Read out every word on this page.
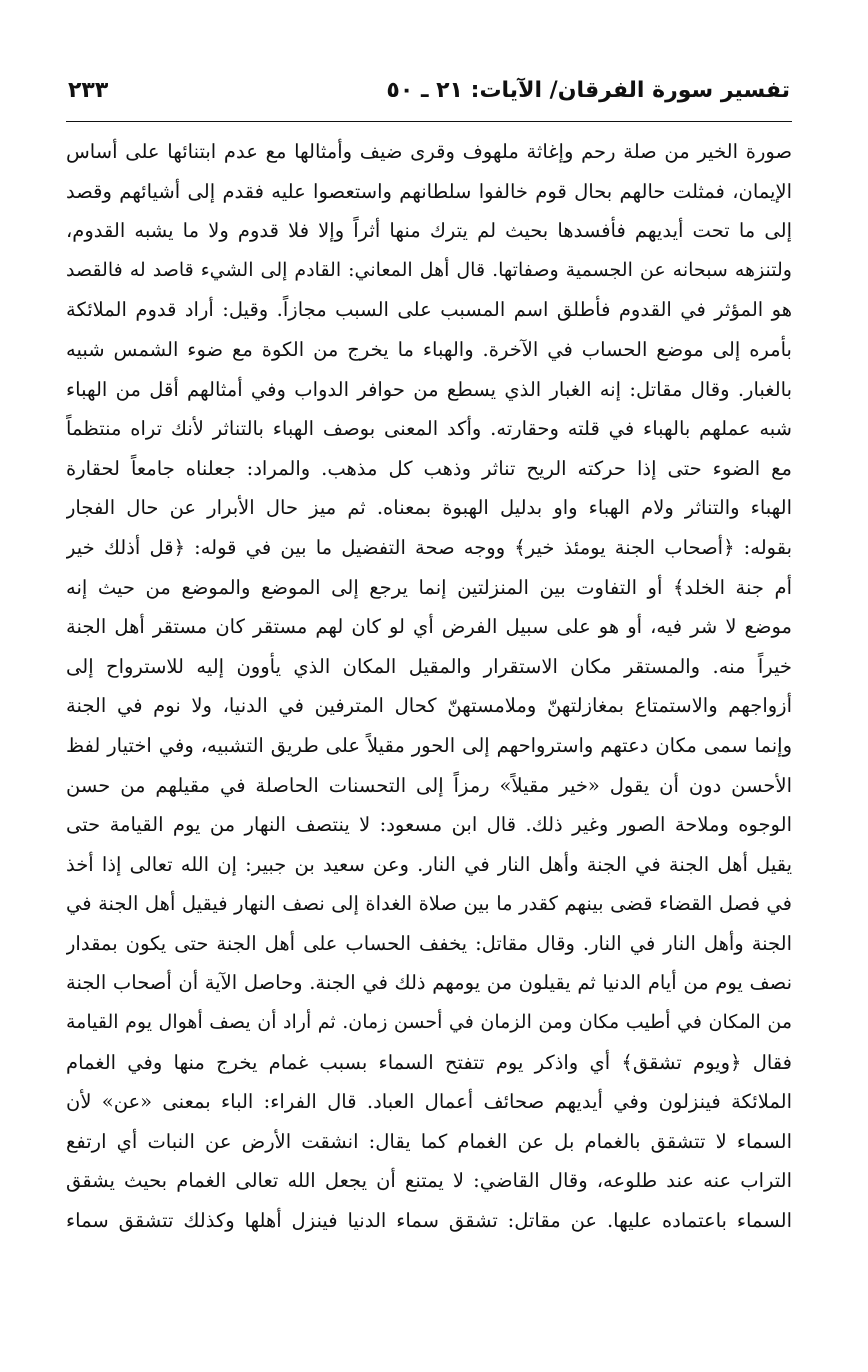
تفسير سورة الفرقان/ الآيات: ٢١ ـ ٥٠
٢٣٣
صورة الخير من صلة رحم وإغاثة ملهوف وقرى ضيف وأمثالها مع عدم ابتنائها على أساس
الإيمان، فمثلت حالهم بحال قوم خالفوا سلطانهم واستعصوا عليه فقدم إلى أشيائهم وقصد
إلى ما تحت أيديهم فأفسدها بحيث لم يترك منها أثراً وإلا فلا قدوم ولا ما يشبه القدوم،
ولتنزهه سبحانه عن الجسمية وصفاتها. قال أهل المعاني: القادم إلى الشيء قاصد له فالقصد
هو المؤثر في القدوم فأطلق اسم المسبب على السبب مجازاً. وقيل: أراد قدوم الملائكة
بأمره إلى موضع الحساب في الآخرة. والهباء ما يخرج من الكوة مع ضوء الشمس شبيه
بالغبار. وقال مقاتل: إنه الغبار الذي يسطع من حوافر الدواب وفي أمثالهم أقل من الهباء
شبه عملهم بالهباء في قلته وحقارته. وأكد المعنى بوصف الهباء بالتناثر لأنك تراه منتظماً
مع الضوء حتى إذا حركته الريح تناثر وذهب كل مذهب. والمراد: جعلناه جامعاً لحقارة
الهباء والتناثر ولام الهباء واو بدليل الهبوة بمعناه. ثم ميز حال الأبرار عن حال الفجار
بقوله: ﴿أصحاب الجنة يومئذ خير﴾ ووجه صحة التفضيل ما بين في قوله: ﴿قل أذلك خير
أم جنة الخلد﴾ أو التفاوت بين المنزلتين إنما يرجع إلى الموضع والموضع من حيث إنه
موضع لا شر فيه، أو هو على سبيل الفرض أي لو كان لهم مستقر كان مستقر أهل الجنة
خيراً منه. والمستقر مكان الاستقرار والمقيل المكان الذي يأوون إليه للاسترواح إلى
أزواجهم والاستمتاع بمغازلتهنّ وملامستهنّ كحال المترفين في الدنيا، ولا نوم في الجنة
وإنما سمى مكان دعتهم واسترواحهم إلى الحور مقيلاً على طريق التشبيه، وفي اختيار لفظ
الأحسن دون أن يقول «خير مقيلاً» رمزاً إلى التحسنات الحاصلة في مقيلهم من حسن
الوجوه وملاحة الصور وغير ذلك. قال ابن مسعود: لا ينتصف النهار من يوم القيامة حتى
يقيل أهل الجنة في الجنة وأهل النار في النار. وعن سعيد بن جبير: إن الله تعالى إذا أخذ
في فصل القضاء قضى بينهم كقدر ما بين صلاة الغداة إلى نصف النهار فيقيل أهل الجنة في
الجنة وأهل النار في النار. وقال مقاتل: يخفف الحساب على أهل الجنة حتى يكون بمقدار
نصف يوم من أيام الدنيا ثم يقيلون من يومهم ذلك في الجنة. وحاصل الآية أن أصحاب الجنة
من المكان في أطيب مكان ومن الزمان في أحسن زمان. ثم أراد أن يصف أهوال يوم القيامة
فقال ﴿ويوم تشقق﴾ أي واذكر يوم تتفتح السماء بسبب غمام يخرج منها وفي الغمام
الملائكة فينزلون وفي أيديهم صحائف أعمال العباد. قال الفراء: الباء بمعنى «عن» لأن
السماء لا تتشقق بالغمام بل عن الغمام كما يقال: انشقت الأرض عن النبات أي ارتفع
التراب عنه عند طلوعه، وقال القاضي: لا يمتنع أن يجعل الله تعالى الغمام بحيث يشقق
السماء باعتماده عليها. عن مقاتل: تشقق سماء الدنيا فينزل أهلها وكذلك تتشقق سماء
